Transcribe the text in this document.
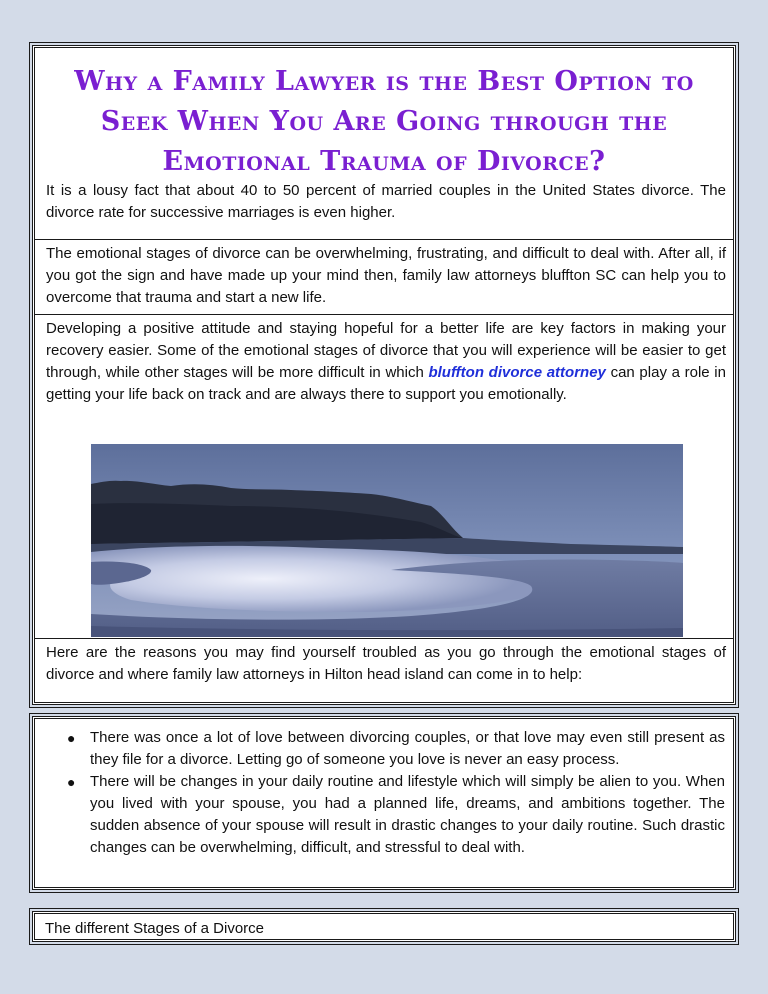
Why a Family Lawyer is the Best Option to Seek When You Are Going through the Emotional Trauma of Divorce?

It is a lousy fact that about 40 to 50 percent of married couples in the United States divorce. The divorce rate for successive marriages is even higher.

The emotional stages of divorce can be overwhelming, frustrating, and difficult to deal with. After all, if you got the sign and have made up your mind then, family law attorneys bluffton SC can help you to overcome that trauma and start a new life.

Developing a positive attitude and staying hopeful for a better life are key factors in making your recovery easier. Some of the emotional stages of divorce that you will experience will be easier to get through, while other stages will be more difficult in which bluffton divorce attorney can play a role in getting your life back on track and are always there to support you emotionally.

Here are the reasons you may find yourself troubled as you go through the emotional stages of divorce and where family law attorneys in Hilton head island can come in to help:

● There was once a lot of love between divorcing couples, or that love may even still present as they file for a divorce. Letting go of someone you love is never an easy process.
● There will be changes in your daily routine and lifestyle which will simply be alien to you. When you lived with your spouse, you had a planned life, dreams, and ambitions together. The sudden absence of your spouse will result in drastic changes to your daily routine. Such drastic changes can be overwhelming, difficult, and stressful to deal with.
The different Stages of a Divorce
